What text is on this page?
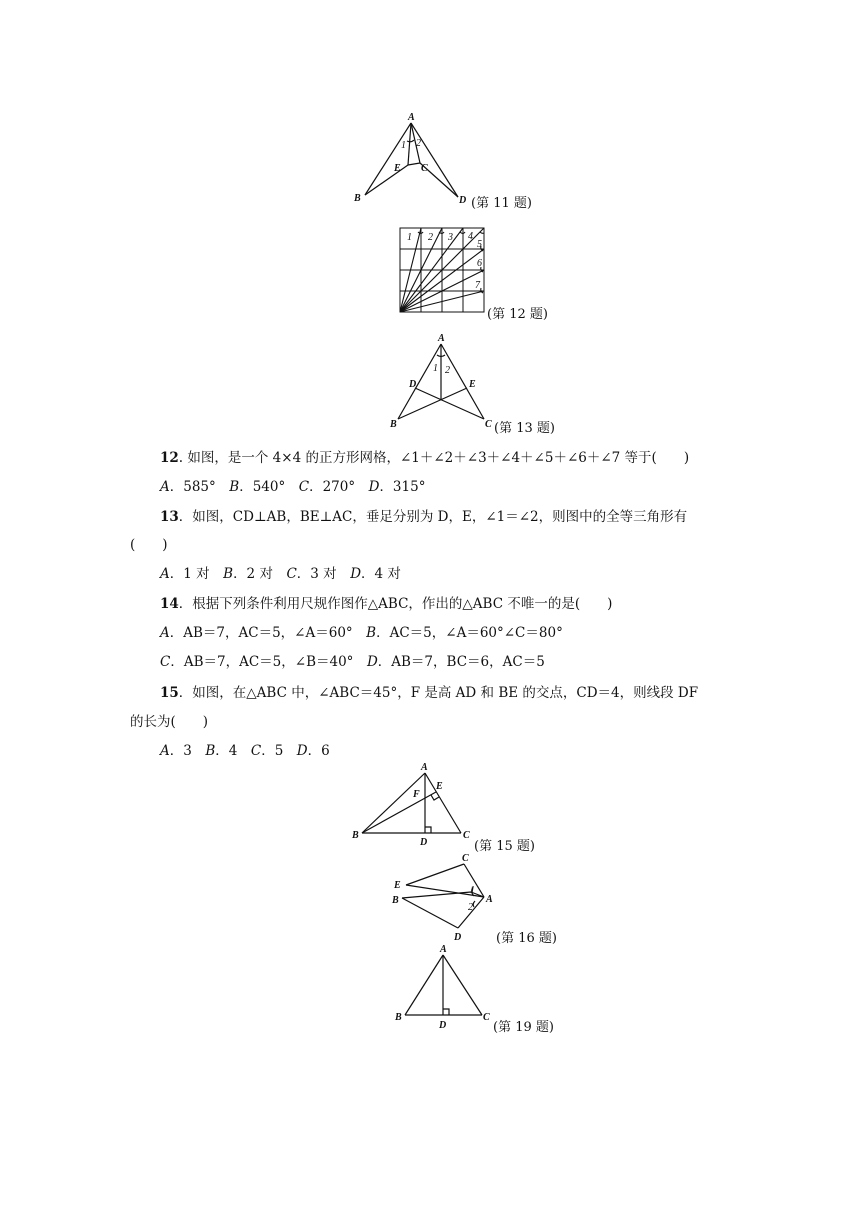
A
B
C
D
E
1 2
(第 11 题)
1 2 3 4
5
6
7
(第 12 题)
A
B	C
D	E
1 2
(第 13 题)
12. 如图，是一个 4×4 的正方形网格，∠1＋∠2＋∠3＋∠4＋∠5＋∠6＋∠7 等于(　　)
A．585°  B．540°  C．270°  D．315°
13．如图，CD⊥AB，BE⊥AC，垂足分别为 D，E，∠1＝∠2，则图中的全等三角形有
(　　)
A．1 对  B．2 对  C．3 对  D．4 对
14．根据下列条件利用尺规作图作△ABC，作出的△ABC 不唯一的是(　　)
A．AB＝7，AC＝5，∠A＝60°  B．AC＝5，∠A＝60°∠C＝80°
C．AB＝7，AC＝5，∠B＝40°  D．AB＝7，BC＝6，AC＝5
15．如图，在△ABC 中，∠ABC＝45°，F 是高 AD 和 BE 的交点，CD＝4，则线段 DF
的长为(　　)
A．3  B．4  C．5  D．6
A
B	C
D
E
F
(第 15 题)
C
E
B	A
D
1
2
(第 16 题)
A
B	C
D	(第 19 题)
